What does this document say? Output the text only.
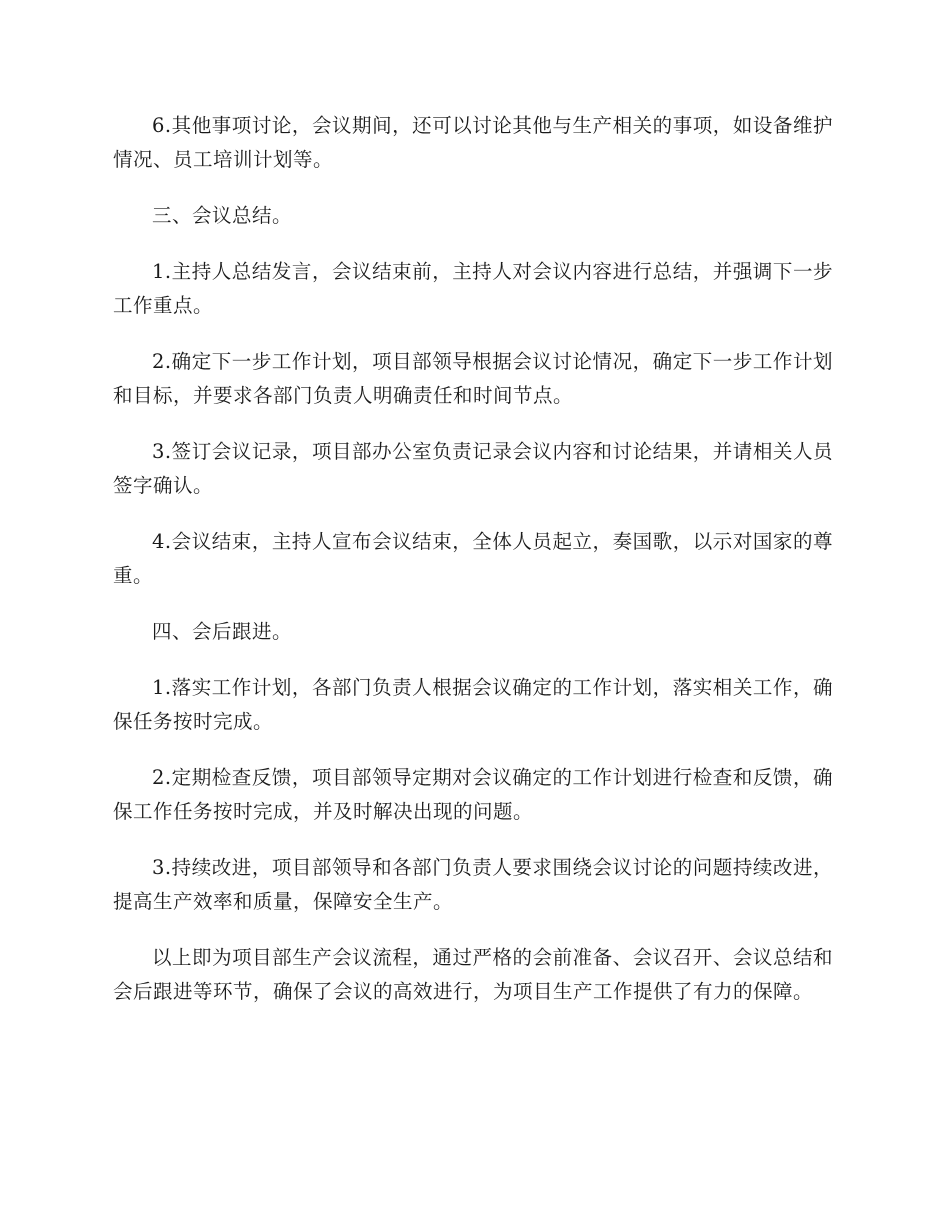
6.其他事项讨论，会议期间，还可以讨论其他与生产相关的事项，如设备维护情况、员工培训计划等。

三、会议总结。

1.主持人总结发言，会议结束前，主持人对会议内容进行总结，并强调下一步工作重点。

2.确定下一步工作计划，项目部领导根据会议讨论情况，确定下一步工作计划和目标，并要求各部门负责人明确责任和时间节点。

3.签订会议记录，项目部办公室负责记录会议内容和讨论结果，并请相关人员签字确认。

4.会议结束，主持人宣布会议结束，全体人员起立，奏国歌，以示对国家的尊重。

四、会后跟进。

1.落实工作计划，各部门负责人根据会议确定的工作计划，落实相关工作，确保任务按时完成。

2.定期检查反馈，项目部领导定期对会议确定的工作计划进行检查和反馈，确保工作任务按时完成，并及时解决出现的问题。

3.持续改进，项目部领导和各部门负责人要求围绕会议讨论的问题持续改进，提高生产效率和质量，保障安全生产。

以上即为项目部生产会议流程，通过严格的会前准备、会议召开、会议总结和会后跟进等环节，确保了会议的高效进行，为项目生产工作提供了有力的保障。
